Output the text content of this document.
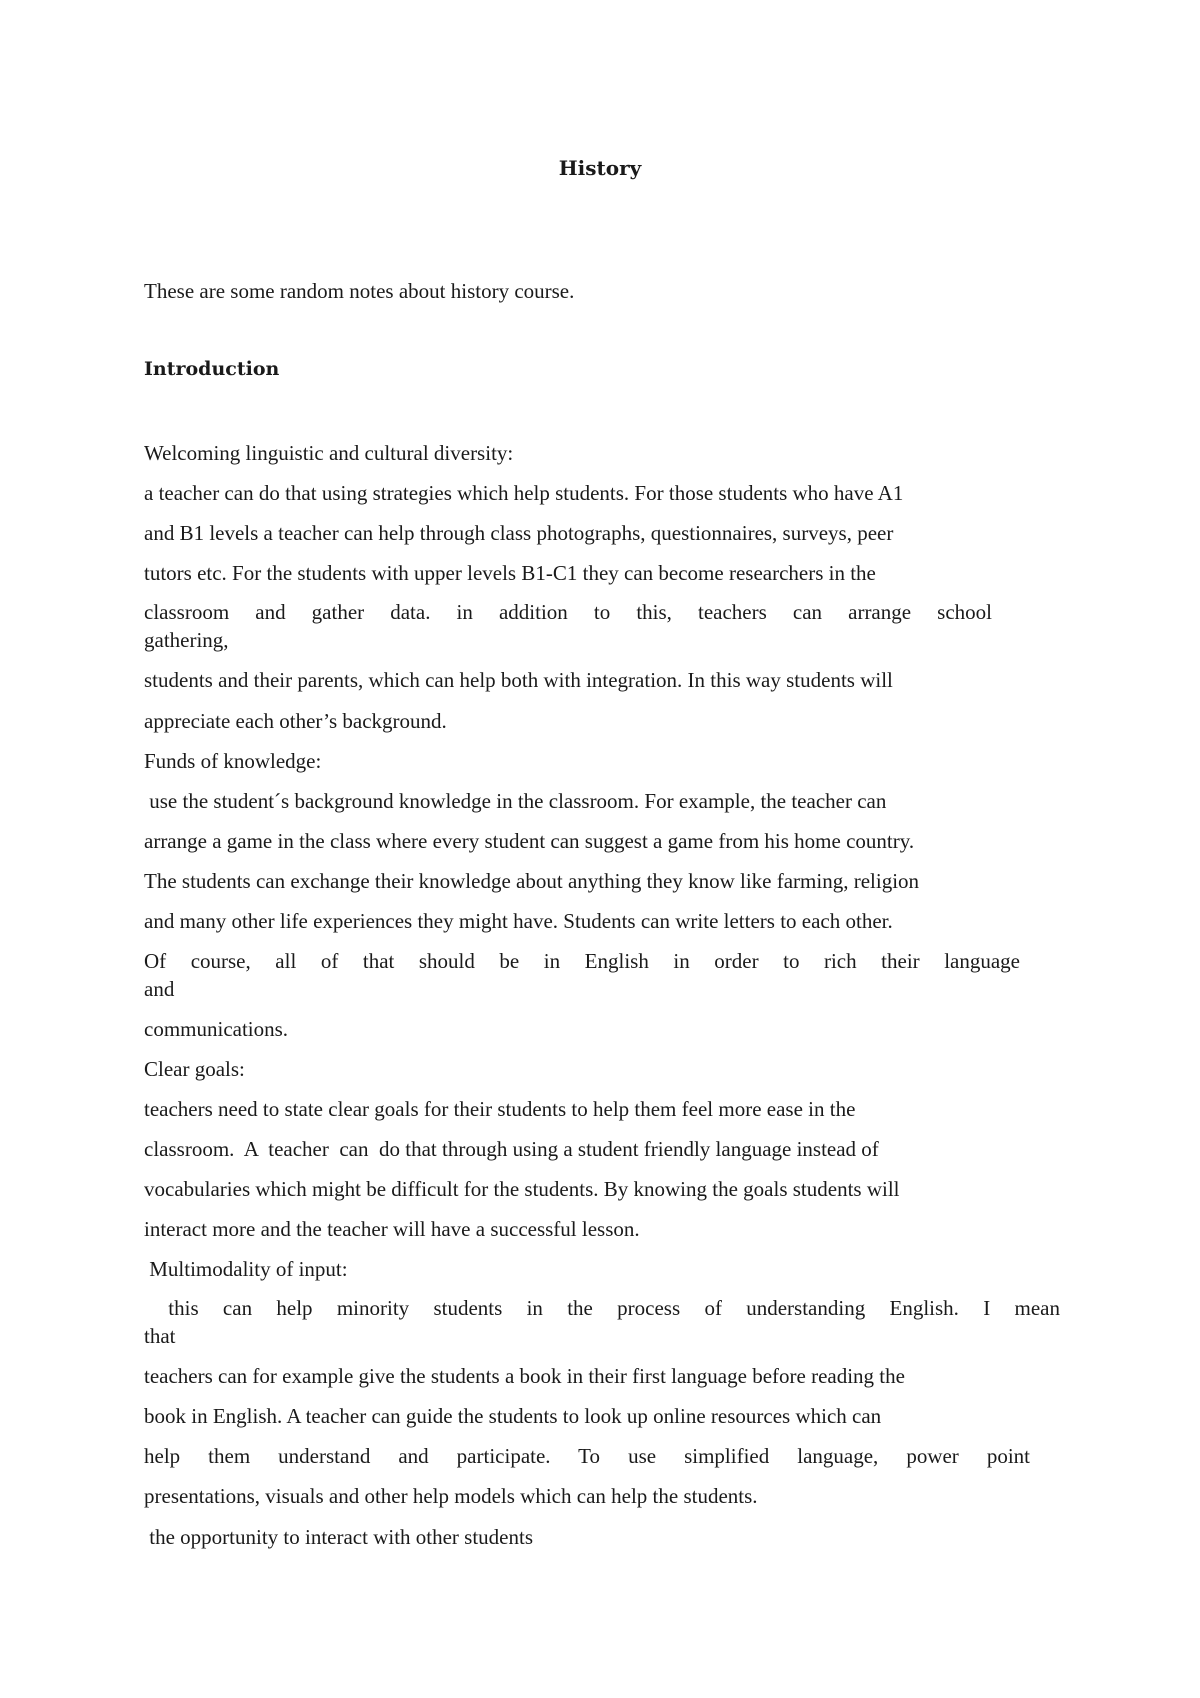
History
These are some random notes about history course.
Introduction
Welcoming linguistic and cultural diversity:
a teacher can do that using strategies which help students. For those students who have A1
and B1 levels a teacher can help through class photographs, questionnaires, surveys, peer
tutors etc. For the students with upper levels B1-C1 they can become researchers in the
classroom and gather data. in addition to this, teachers can arrange school
gathering,
students and their parents, which can help both with integration. In this way students will
appreciate each other’s background.
Funds of knowledge:
use the student´s background knowledge in the classroom. For example, the teacher can
arrange a game in the class where every student can suggest a game from his home country.
The students can exchange their knowledge about anything they know like farming, religion
and many other life experiences they might have. Students can write letters to each other.
Of course, all of that should be in English in order to rich their language
and
communications.
Clear goals:
teachers need to state clear goals for their students to help them feel more ease in the
classroom.  A  teacher  can  do that through using a student friendly language instead of
vocabularies which might be difficult for the students. By knowing the goals students will
interact more and the teacher will have a successful lesson.
Multimodality of input:
this can help minority students in the process of understanding English. I mean
that
teachers can for example give the students a book in their first language before reading the
book in English. A teacher can guide the students to look up online resources which can
help them understand and participate. To use simplified language, power point
presentations, visuals and other help models which can help the students.
the opportunity to interact with other students
